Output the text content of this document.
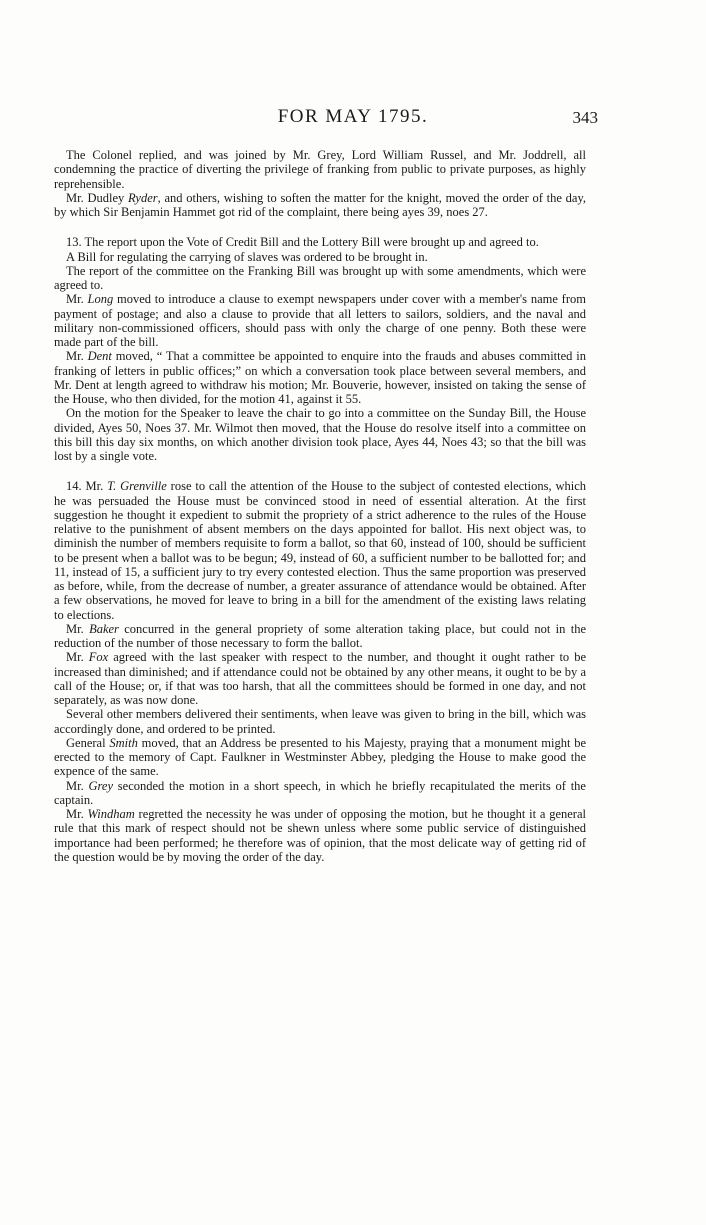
FOR MAY 1795.	343

The Colonel replied, and was joined by Mr. Grey, Lord William Russel, and Mr. Joddrell, all condemning the practice of diverting the privilege of franking from public to private purposes, as highly reprehensible.

Mr. Dudley Ryder, and others, wishing to soften the matter for the knight, moved the order of the day, by which Sir Benjamin Hammet got rid of the complaint, there being ayes 39, noes 27.

13. The report upon the Vote of Credit Bill and the Lottery Bill were brought up and agreed to.

A Bill for regulating the carrying of slaves was ordered to be brought in.

The report of the committee on the Franking Bill was brought up with some amendments, which were agreed to.

Mr. Long moved to introduce a clause to exempt newspapers under cover with a member's name from payment of postage; and also a clause to provide that all letters to sailors, soldiers, and the naval and military non-commissioned officers, should pass with only the charge of one penny. Both these were made part of the bill.

Mr. Dent moved, “ That a committee be appointed to enquire into the frauds and abuses committed in franking of letters in public offices;” on which a conversation took place between several members, and Mr. Dent at length agreed to withdraw his motion; Mr. Bouverie, however, insisted on taking the sense of the House, who then divided, for the motion 41, against it 55.

On the motion for the Speaker to leave the chair to go into a committee on the Sunday Bill, the House divided, Ayes 50, Noes 37. Mr. Wilmot then moved, that the House do resolve itself into a committee on this bill this day six months, on which another division took place, Ayes 44, Noes 43; so that the bill was lost by a single vote.

14. Mr. T. Grenville rose to call the attention of the House to the subject of contested elections, which he was persuaded the House must be convinced stood in need of essential alteration. At the first suggestion he thought it expedient to submit the propriety of a strict adherence to the rules of the House relative to the punishment of absent members on the days appointed for ballot. His next object was, to diminish the number of members requisite to form a ballot, so that 60, instead of 100, should be sufficient to be present when a ballot was to be begun; 49, instead of 60, a sufficient number to be ballotted for; and 11, instead of 15, a sufficient jury to try every contested election. Thus the same proportion was preserved as before, while, from the decrease of number, a greater assurance of attendance would be obtained. After a few observations, he moved for leave to bring in a bill for the amendment of the existing laws relating to elections.

Mr. Baker concurred in the general propriety of some alteration taking place, but could not in the reduction of the number of those necessary to form the ballot.

Mr. Fox agreed with the last speaker with respect to the number, and thought it ought rather to be increased than diminished; and if attendance could not be obtained by any other means, it ought to be by a call of the House; or, if that was too harsh, that all the committees should be formed in one day, and not separately, as was now done.

Several other members delivered their sentiments, when leave was given to bring in the bill, which was accordingly done, and ordered to be printed.

General Smith moved, that an Address be presented to his Majesty, praying that a monument might be erected to the memory of Capt. Faulkner in Westminster Abbey, pledging the House to make good the expence of the same.

Mr. Grey seconded the motion in a short speech, in which he briefly recapitulated the merits of the captain.

Mr. Windham regretted the necessity he was under of opposing the motion, but he thought it a general rule that this mark of respect should not be shewn unless where some public service of distinguished importance had been performed; he therefore was of opinion, that the most delicate way of getting rid of the question would be by moving the order of the day.
